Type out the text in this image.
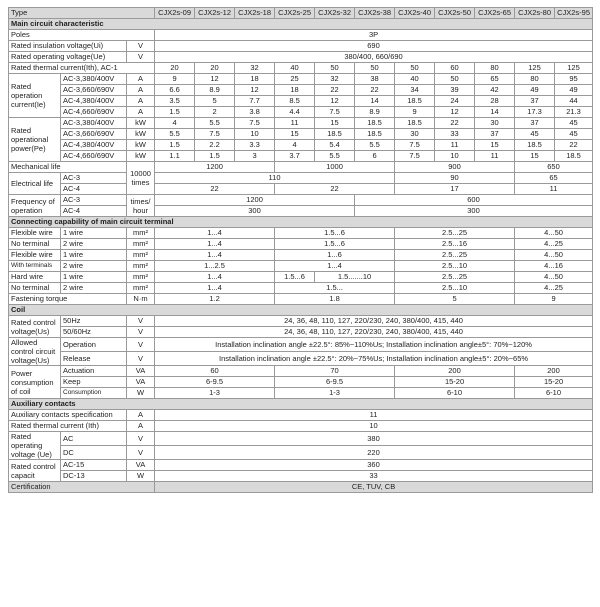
Type			CJX2s-09	CJX2s-12	CJX2s-18	CJX2s-25	CJX2s-32	CJX2s-38	CJX2s-40	CJX2s-50	CJX2s-65	CJX2s-80	CJX2s-95
Main circuit characteristic													
Poles			3P										
Rated insulation voltage(Ui)		V	690										
Rated operating voltage(Ue)		V	380/400, 660/690										
Rated thermal current(Ith), AC-1			20	20	32	40	50	50	50	60	80	125	125
Rated operation current(Ie)	AC-3,380/400V	A	9	12	18	25	32	38	40	50	65	80	95
	AC-3,660/690V	A	6.6	8.9	12	18	22	22	34	39	42	49	49
	AC-4,380/400V	A	3.5	5	7.7	8.5	12	14	18.5	24	28	37	44
	AC-4,660/690V	A	1.5	2	3.8	4.4	7.5	8.9	9	12	14	17.3	21.3
Rated operational power(Pe)	AC-3,380/400V	kW	4	5.5	7.5	11	15	18.5	18.5	22	30	37	45
	AC-3,660/690V	kW	5.5	7.5	10	15	18.5	18.5	30	33	37	45	45
	AC-4,380/400V	kW	1.5	2.2	3.3	4	5.4	5.5	7.5	11	15	18.5	22
	AC-4,660/690V	kW	1.1	1.5	3	3.7	5.5	6	7.5	10	11	15	18.5
Mechanical life		10000 times	1200			1000			900			650	
Electrical life	AC-3		110						90			65	
	AC-4		22			22			17			11	
Frequency of operation	AC-3	times/ hour	1200					600					
	AC-4		300					300					
Connecting capability of main circuit terminal													
Flexible wire	1 wire	mm²	1...4			1.5...6			2.5...25			4...50	
No terminal	2 wire	mm²	1...4			1.5...6			2.5...16			4...25	
Flexible wire	1 wire	mm²	1...4			1...6			2.5...25			4...50	
With terminals	2 wire	mm²	1...2.5			1...4			2.5...10			4...16	
Hard wire	1 wire	mm²	1...4			1.5...6	1.5.......10		2.5...25			4...50	
No terminal	2 wire	mm²	1...4			1.5...			2.5...10			4...25	
Fastening torque		N·m	1.2			1.8			5			9	
Coil													
Rated control voltage(Us)	50Hz	V	24, 36, 48, 110, 127, 220/230, 240, 380/400, 415, 440										
	50/60Hz	V	24, 36, 48, 110, 127, 220/230, 240, 380/400, 415, 440										
Allowed control circuit voltage(Us)	Operation	V	Installation inclination angle ±22.5°: 85%~110%Us; Installation inclination angle±5°: 70%~120%										
	Release	V	Installation inclination angle ±22.5°: 20%~75%Us; Installation inclination angle±5°: 20%~65%										
Power consumption of coil	Actuation	VA	60			70			200			200	
	Keep	VA	6-9.5			6-9.5			15-20			15-20	
	Consumption	W	1-3			1-3			6-10			6-10	
Auxiliary contacts													
Auxiliary contacts specification		A	11										
Rated thermal current (Ith)		A	10										
Rated operating voltage (Ue)	AC	V	380										
	DC	V	220										
Rated control capacit	AC-15	VA	360										
	DC-13	W	33										
Certification			CE, TUV, CB										
